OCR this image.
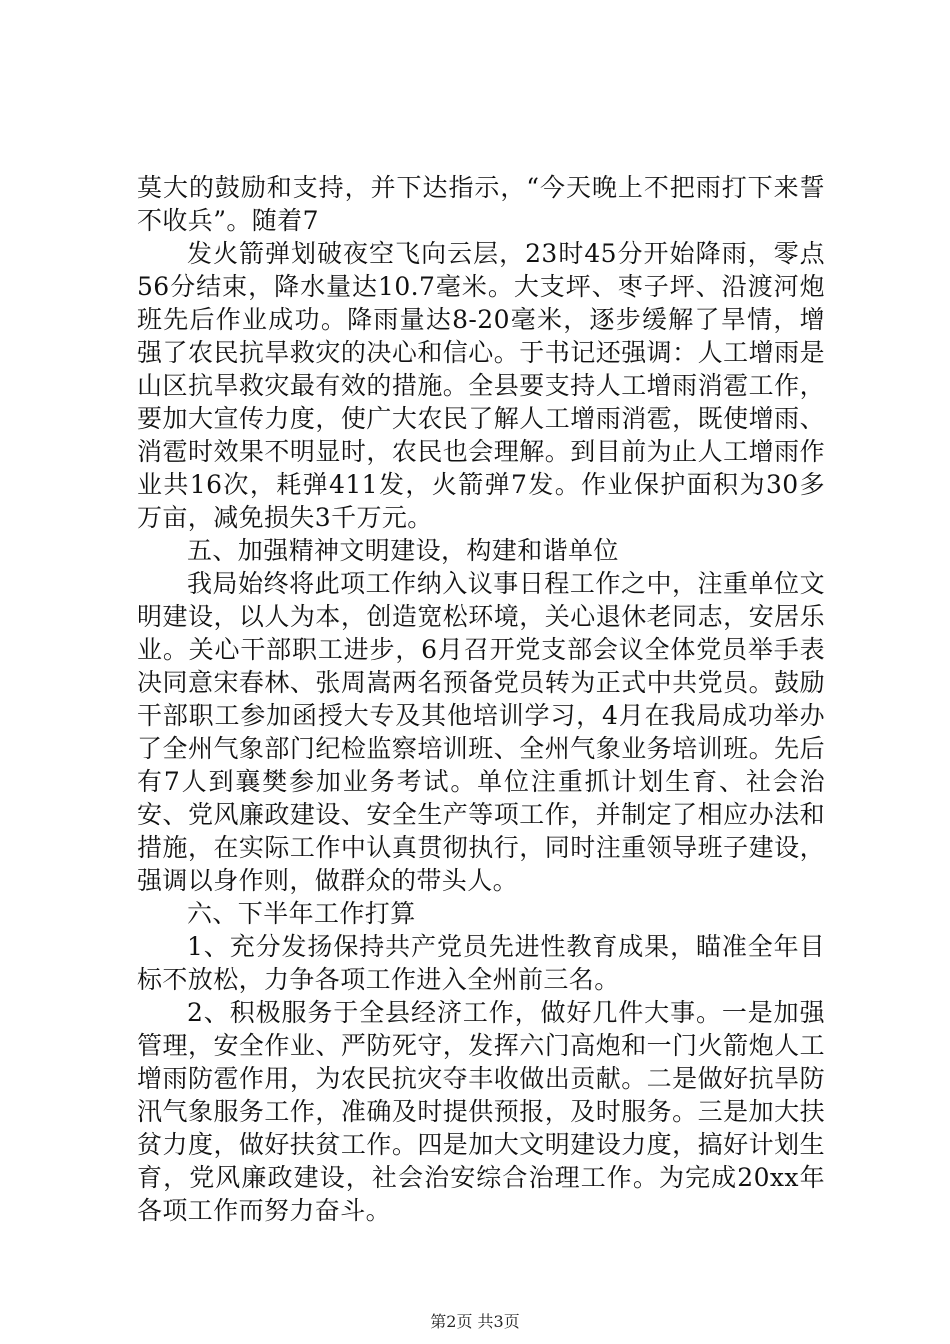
莫大的鼓励和支持，并下达指示，“今天晚上不把雨打下来誓不收兵”。随着7

发火箭弹划破夜空飞向云层，23时45分开始降雨，零点56分结束，降水量达10.7毫米。大支坪、枣子坪、沿渡河炮班先后作业成功。降雨量达8-20毫米，逐步缓解了旱情，增强了农民抗旱救灾的决心和信心。于书记还强调：人工增雨是山区抗旱救灾最有效的措施。全县要支持人工增雨消雹工作，要加大宣传力度，使广大农民了解人工增雨消雹，既使增雨、消雹时效果不明显时，农民也会理解。到目前为止人工增雨作业共16次，耗弹411发，火箭弹7发。作业保护面积为30多万亩，减免损失3千万元。

五、加强精神文明建设，构建和谐单位

我局始终将此项工作纳入议事日程工作之中，注重单位文明建设，以人为本，创造宽松环境，关心退休老同志，安居乐业。关心干部职工进步，6月召开党支部会议全体党员举手表决同意宋春林、张周嵩两名预备党员转为正式中共党员。鼓励干部职工参加函授大专及其他培训学习，4月在我局成功举办了全州气象部门纪检监察培训班、全州气象业务培训班。先后有7人到襄樊参加业务考试。单位注重抓计划生育、社会治安、党风廉政建设、安全生产等项工作，并制定了相应办法和措施，在实际工作中认真贯彻执行，同时注重领导班子建设，强调以身作则，做群众的带头人。

六、下半年工作打算

1、充分发扬保持共产党员先进性教育成果，瞄准全年目标不放松，力争各项工作进入全州前三名。

2、积极服务于全县经济工作，做好几件大事。一是加强管理，安全作业、严防死守，发挥六门高炮和一门火箭炮人工增雨防雹作用，为农民抗灾夺丰收做出贡献。二是做好抗旱防汛气象服务工作，准确及时提供预报，及时服务。三是加大扶贫力度，做好扶贫工作。四是加大文明建设力度，搞好计划生育，党风廉政建设，社会治安综合治理工作。为完成20xx年各项工作而努力奋斗。

第2页 共3页
